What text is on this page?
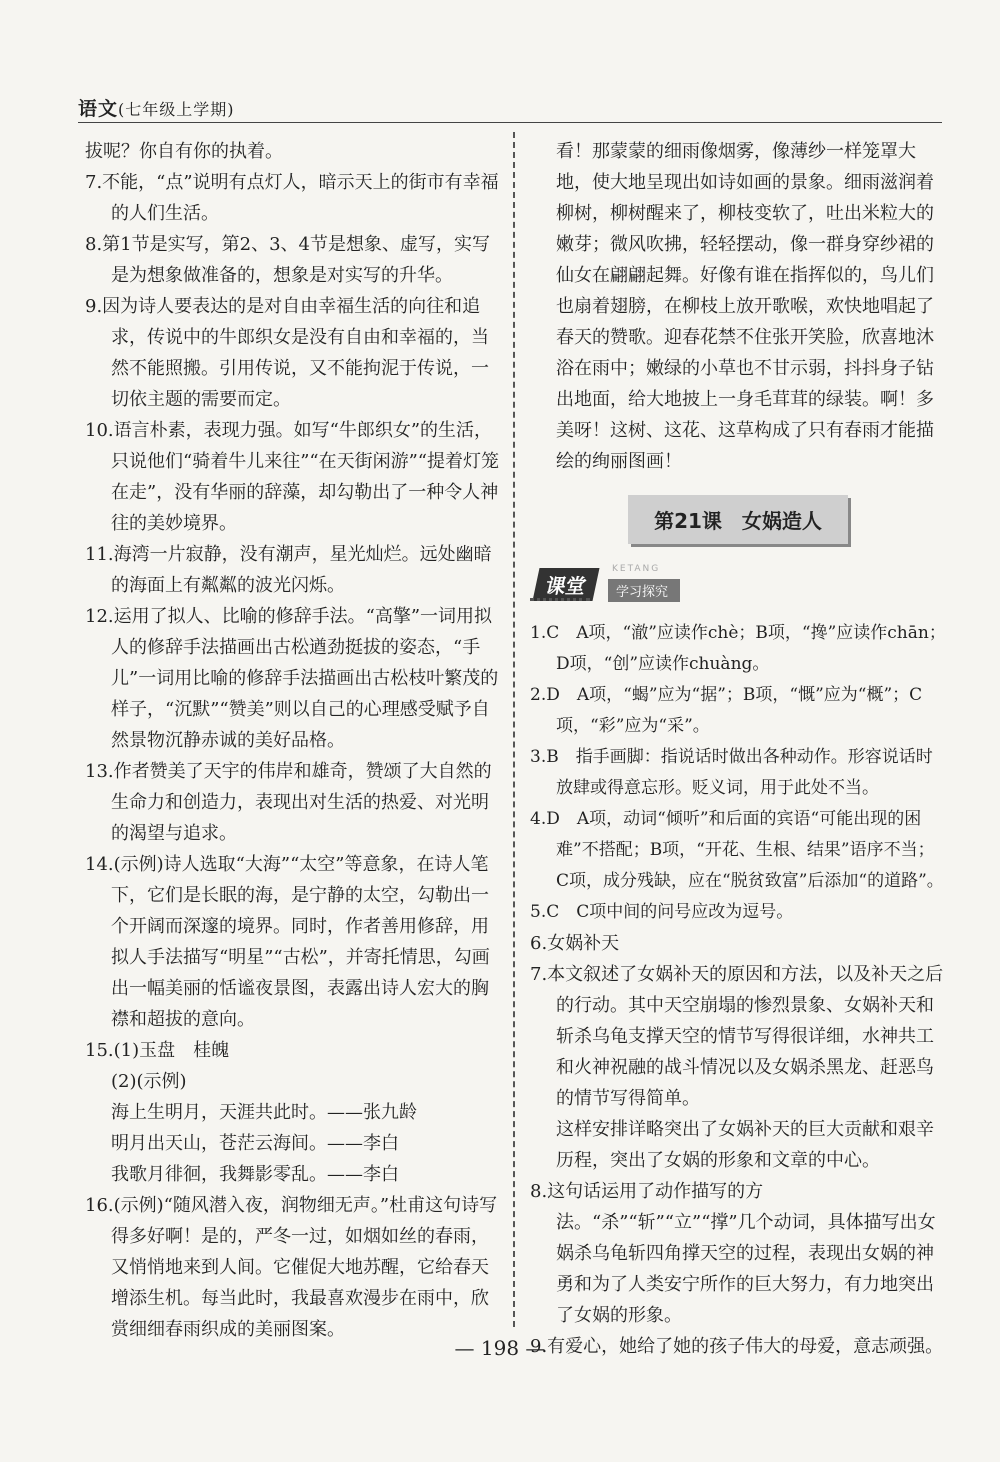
语文(七年级上学期)

拔呢？你自有你的执着。

7.不能，“点”说明有点灯人，暗示天上的街市有幸福的人们生活。

8.第1节是实写，第2、3、4节是想象、虚写，实写是为想象做准备的，想象是对实写的升华。

9.因为诗人要表达的是对自由幸福生活的向往和追求，传说中的牛郎织女是没有自由和幸福的，当然不能照搬。引用传说，又不能拘泥于传说，一切依主题的需要而定。

10.语言朴素，表现力强。如写“牛郎织女”的生活，只说他们“骑着牛儿来往”“在天街闲游”“提着灯笼在走”，没有华丽的辞藻，却勾勒出了一种令人神往的美妙境界。

11.海湾一片寂静，没有潮声，星光灿烂。远处幽暗的海面上有粼粼的波光闪烁。

12.运用了拟人、比喻的修辞手法。“高擎”一词用拟人的修辞手法描画出古松遒劲挺拔的姿态，“手儿”一词用比喻的修辞手法描画出古松枝叶繁茂的样子，“沉默”“赞美”则以自己的心理感受赋予自然景物沉静赤诚的美好品格。

13.作者赞美了天宇的伟岸和雄奇，赞颂了大自然的生命力和创造力，表现出对生活的热爱、对光明的渴望与追求。

14.(示例)诗人选取“大海”“太空”等意象，在诗人笔下，它们是长眠的海，是宁静的太空，勾勒出一个开阔而深邃的境界。同时，作者善用修辞，用拟人手法描写“明星”“古松”，并寄托情思，勾画出一幅美丽的恬谧夜景图，表露出诗人宏大的胸襟和超拔的意向。

15.(1)玉盘　桂魄

(2)(示例)

海上生明月，天涯共此时。——张九龄

明月出天山，苍茫云海间。——李白

我歌月徘徊，我舞影零乱。——李白

16.(示例)“随风潜入夜，润物细无声。”杜甫这句诗写得多好啊！是的，严冬一过，如烟如丝的春雨，又悄悄地来到人间。它催促大地苏醒，它给春天增添生机。每当此时，我最喜欢漫步在雨中，欣赏细细春雨织成的美丽图案。

看！那蒙蒙的细雨像烟雾，像薄纱一样笼罩大地，使大地呈现出如诗如画的景象。细雨滋润着柳树，柳树醒来了，柳枝变软了，吐出米粒大的嫩芽；微风吹拂，轻轻摆动，像一群身穿纱裙的仙女在翩翩起舞。好像有谁在指挥似的，鸟儿们也扇着翅膀，在柳枝上放开歌喉，欢快地唱起了春天的赞歌。迎春花禁不住张开笑脸，欣喜地沐浴在雨中；嫩绿的小草也不甘示弱，抖抖身子钻出地面，给大地披上一身毛茸茸的绿装。啊！多美呀！这树、这花、这草构成了只有春雨才能描绘的绚丽图画！

第21课　女娲造人
KETANG
学习探究
课堂

1.C　A项，“澈”应读作chè；B项，“搀”应读作chān；D项，“创”应读作chuàng。

2.D　A项，“蝎”应为“据”；B项，“慨”应为“概”；C项，“彩”应为“采”。

3.B　指手画脚：指说话时做出各种动作。形容说话时放肆或得意忘形。贬义词，用于此处不当。

4.D　A项，动词“倾听”和后面的宾语“可能出现的困难”不搭配；B项，“开花、生根、结果”语序不当；C项，成分残缺，应在“脱贫致富”后添加“的道路”。

5.C　C项中间的问号应改为逗号。

6.女娲补天

7.本文叙述了女娲补天的原因和方法，以及补天之后的行动。其中天空崩塌的惨烈景象、女娲补天和斩杀乌龟支撑天空的情节写得很详细，水神共工和火神祝融的战斗情况以及女娲杀黑龙、赶恶鸟的情节写得简单。

这样安排详略突出了女娲补天的巨大贡献和艰辛历程，突出了女娲的形象和文章的中心。

8.这句话运用了动作描写的方法。“杀”“斩”“立”“撑”几个动词，具体描写出女娲杀乌龟斩四角撑天空的过程，表现出女娲的神勇和为了人类安宁所作的巨大努力，有力地突出了女娲的形象。

9.有爱心，她给了她的孩子伟大的母爱，意志顽强。

— 198 —
